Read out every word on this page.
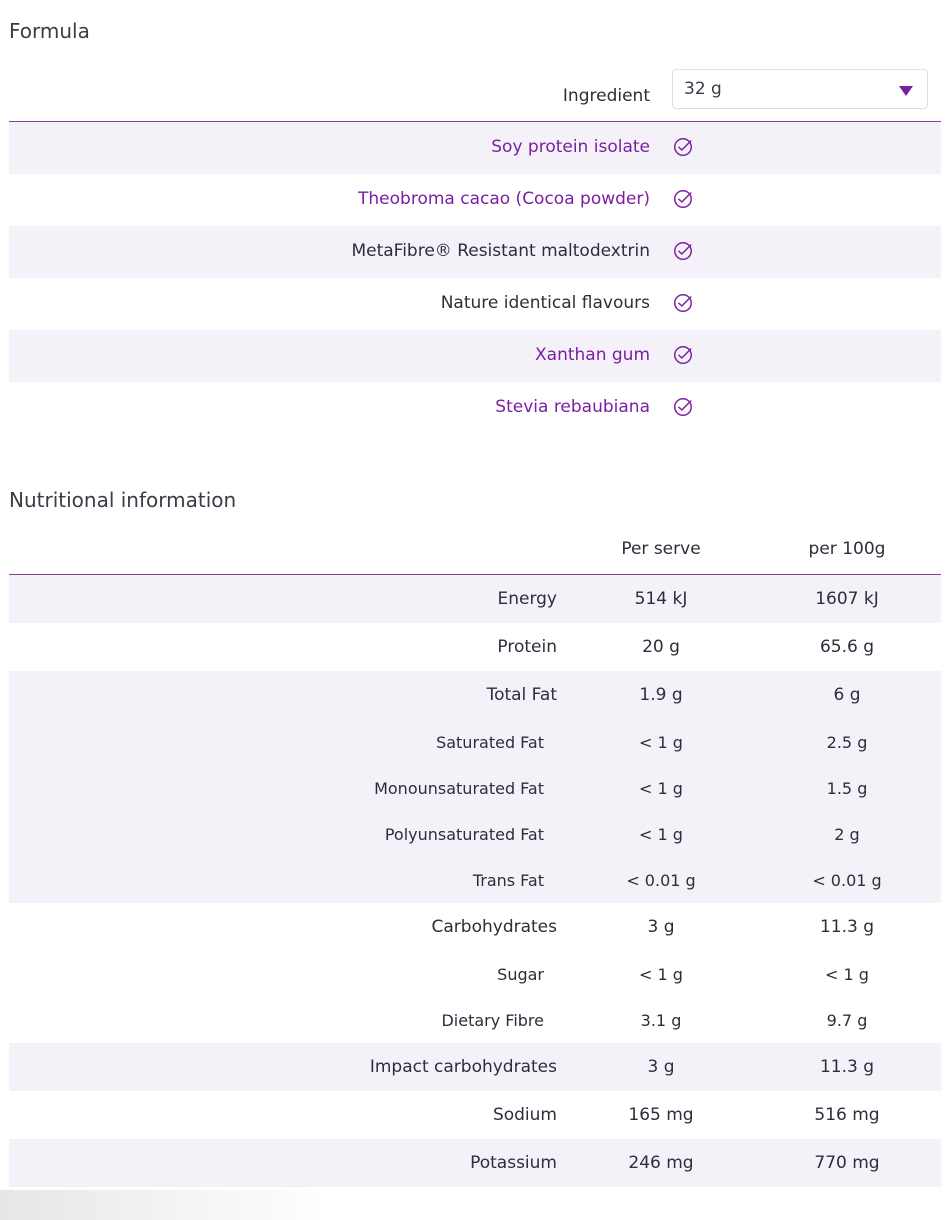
Formula
Ingredient 32 g
Soy protein isolate
Theobroma cacao (Cocoa powder)
MetaFibre® Resistant maltodextrin
Nature identical flavours
Xanthan gum
Stevia rebaubiana
Nutritional information
Per serve	per 100g
Energy	514 kJ	1607 kJ
Protein	20 g	65.6 g
Total Fat	1.9 g	6 g
Saturated Fat	< 1 g	2.5 g
Monounsaturated Fat	< 1 g	1.5 g
Polyunsaturated Fat	< 1 g	2 g
Trans Fat	< 0.01 g	< 0.01 g
Carbohydrates	3 g	11.3 g
Sugar	< 1 g	< 1 g
Dietary Fibre	3.1 g	9.7 g
Impact carbohydrates	3 g	11.3 g
Sodium	165 mg	516 mg
Potassium	246 mg	770 mg
